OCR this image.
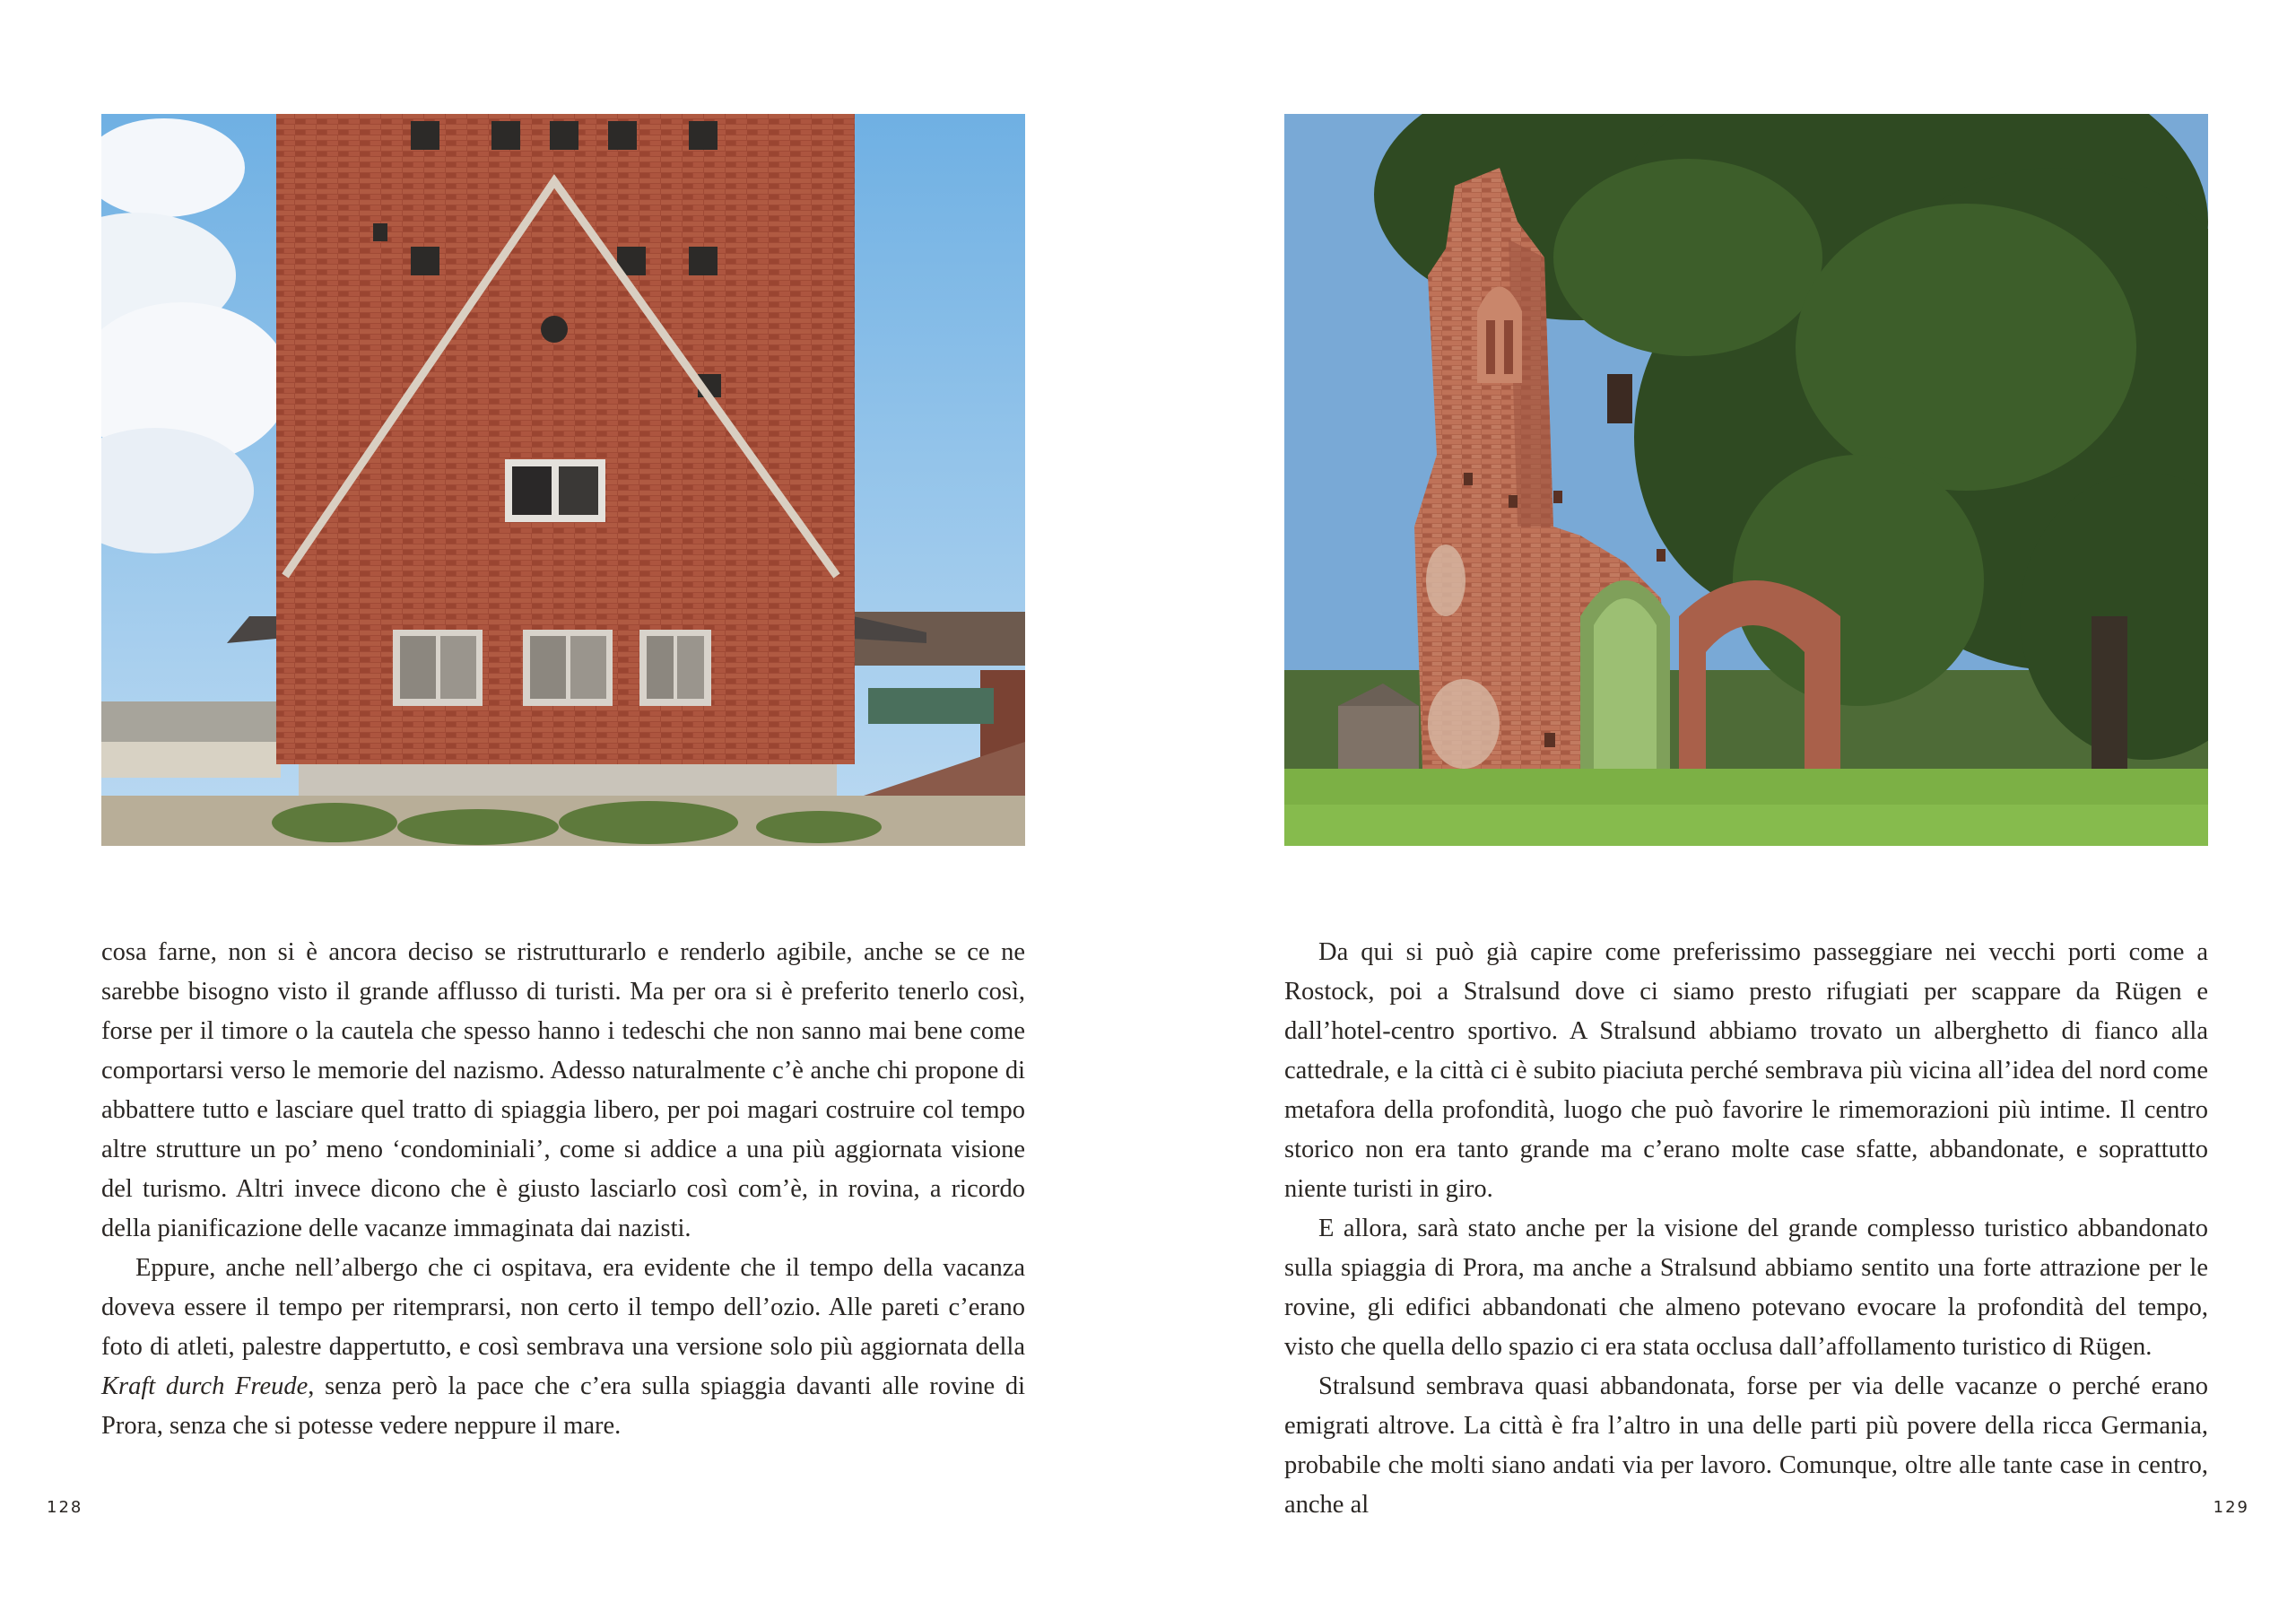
cosa farne, non si è ancora deciso se ristrutturarlo e renderlo agibile, anche se ce ne sarebbe bisogno visto il grande afflusso di turisti. Ma per ora si è preferito tenerlo così, forse per il timore o la cautela che spesso hanno i tedeschi che non sanno mai bene come comportarsi verso le memorie del nazismo. Adesso naturalmente c’è anche chi propone di abbattere tutto e lasciare quel tratto di spiaggia libero, per poi magari costruire col tempo altre strutture un po’ meno ‘condominiali’, come si addice a una più aggiornata visione del turismo. Altri invece dicono che è giusto lasciarlo così com’è, in rovina, a ricordo della pianificazione delle vacanze immaginata dai nazisti.

Eppure, anche nell’albergo che ci ospitava, era evidente che il tempo della vacanza doveva essere il tempo per ritemprarsi, non certo il tempo dell’ozio. Alle pareti c’erano foto di atleti, palestre dappertutto, e così sembrava una versione solo più aggiornata della Kraft durch Freude, senza però la pace che c’era sulla spiaggia davanti alle rovine di Prora, senza che si potesse vedere neppure il mare.

128

Da qui si può già capire come preferissimo passeggiare nei vecchi porti come a Rostock, poi a Stralsund dove ci siamo presto rifugiati per scappare da Rügen e dall’hotel-centro sportivo. A Stralsund abbiamo trovato un alberghetto di fianco alla cattedrale, e la città ci è subito piaciuta perché sembrava più vicina all’idea del nord come metafora della profondità, luogo che può favorire le rimemorazioni più intime. Il centro storico non era tanto grande ma c’erano molte case sfatte, abbandonate, e soprattutto niente turisti in giro.

E allora, sarà stato anche per la visione del grande complesso turistico abbandonato sulla spiaggia di Prora, ma anche a Stralsund abbiamo sentito una forte attrazione per le rovine, gli edifici abbandonati che almeno potevano evocare la profondità del tempo, visto che quella dello spazio ci era stata occlusa dall’affollamento turistico di Rügen.

Stralsund sembrava quasi abbandonata, forse per via delle vacanze o perché erano emigrati altrove. La città è fra l’altro in una delle parti più povere della ricca Germania, probabile che molti siano andati via per lavoro. Comunque, oltre alle tante case in centro, anche al	129
